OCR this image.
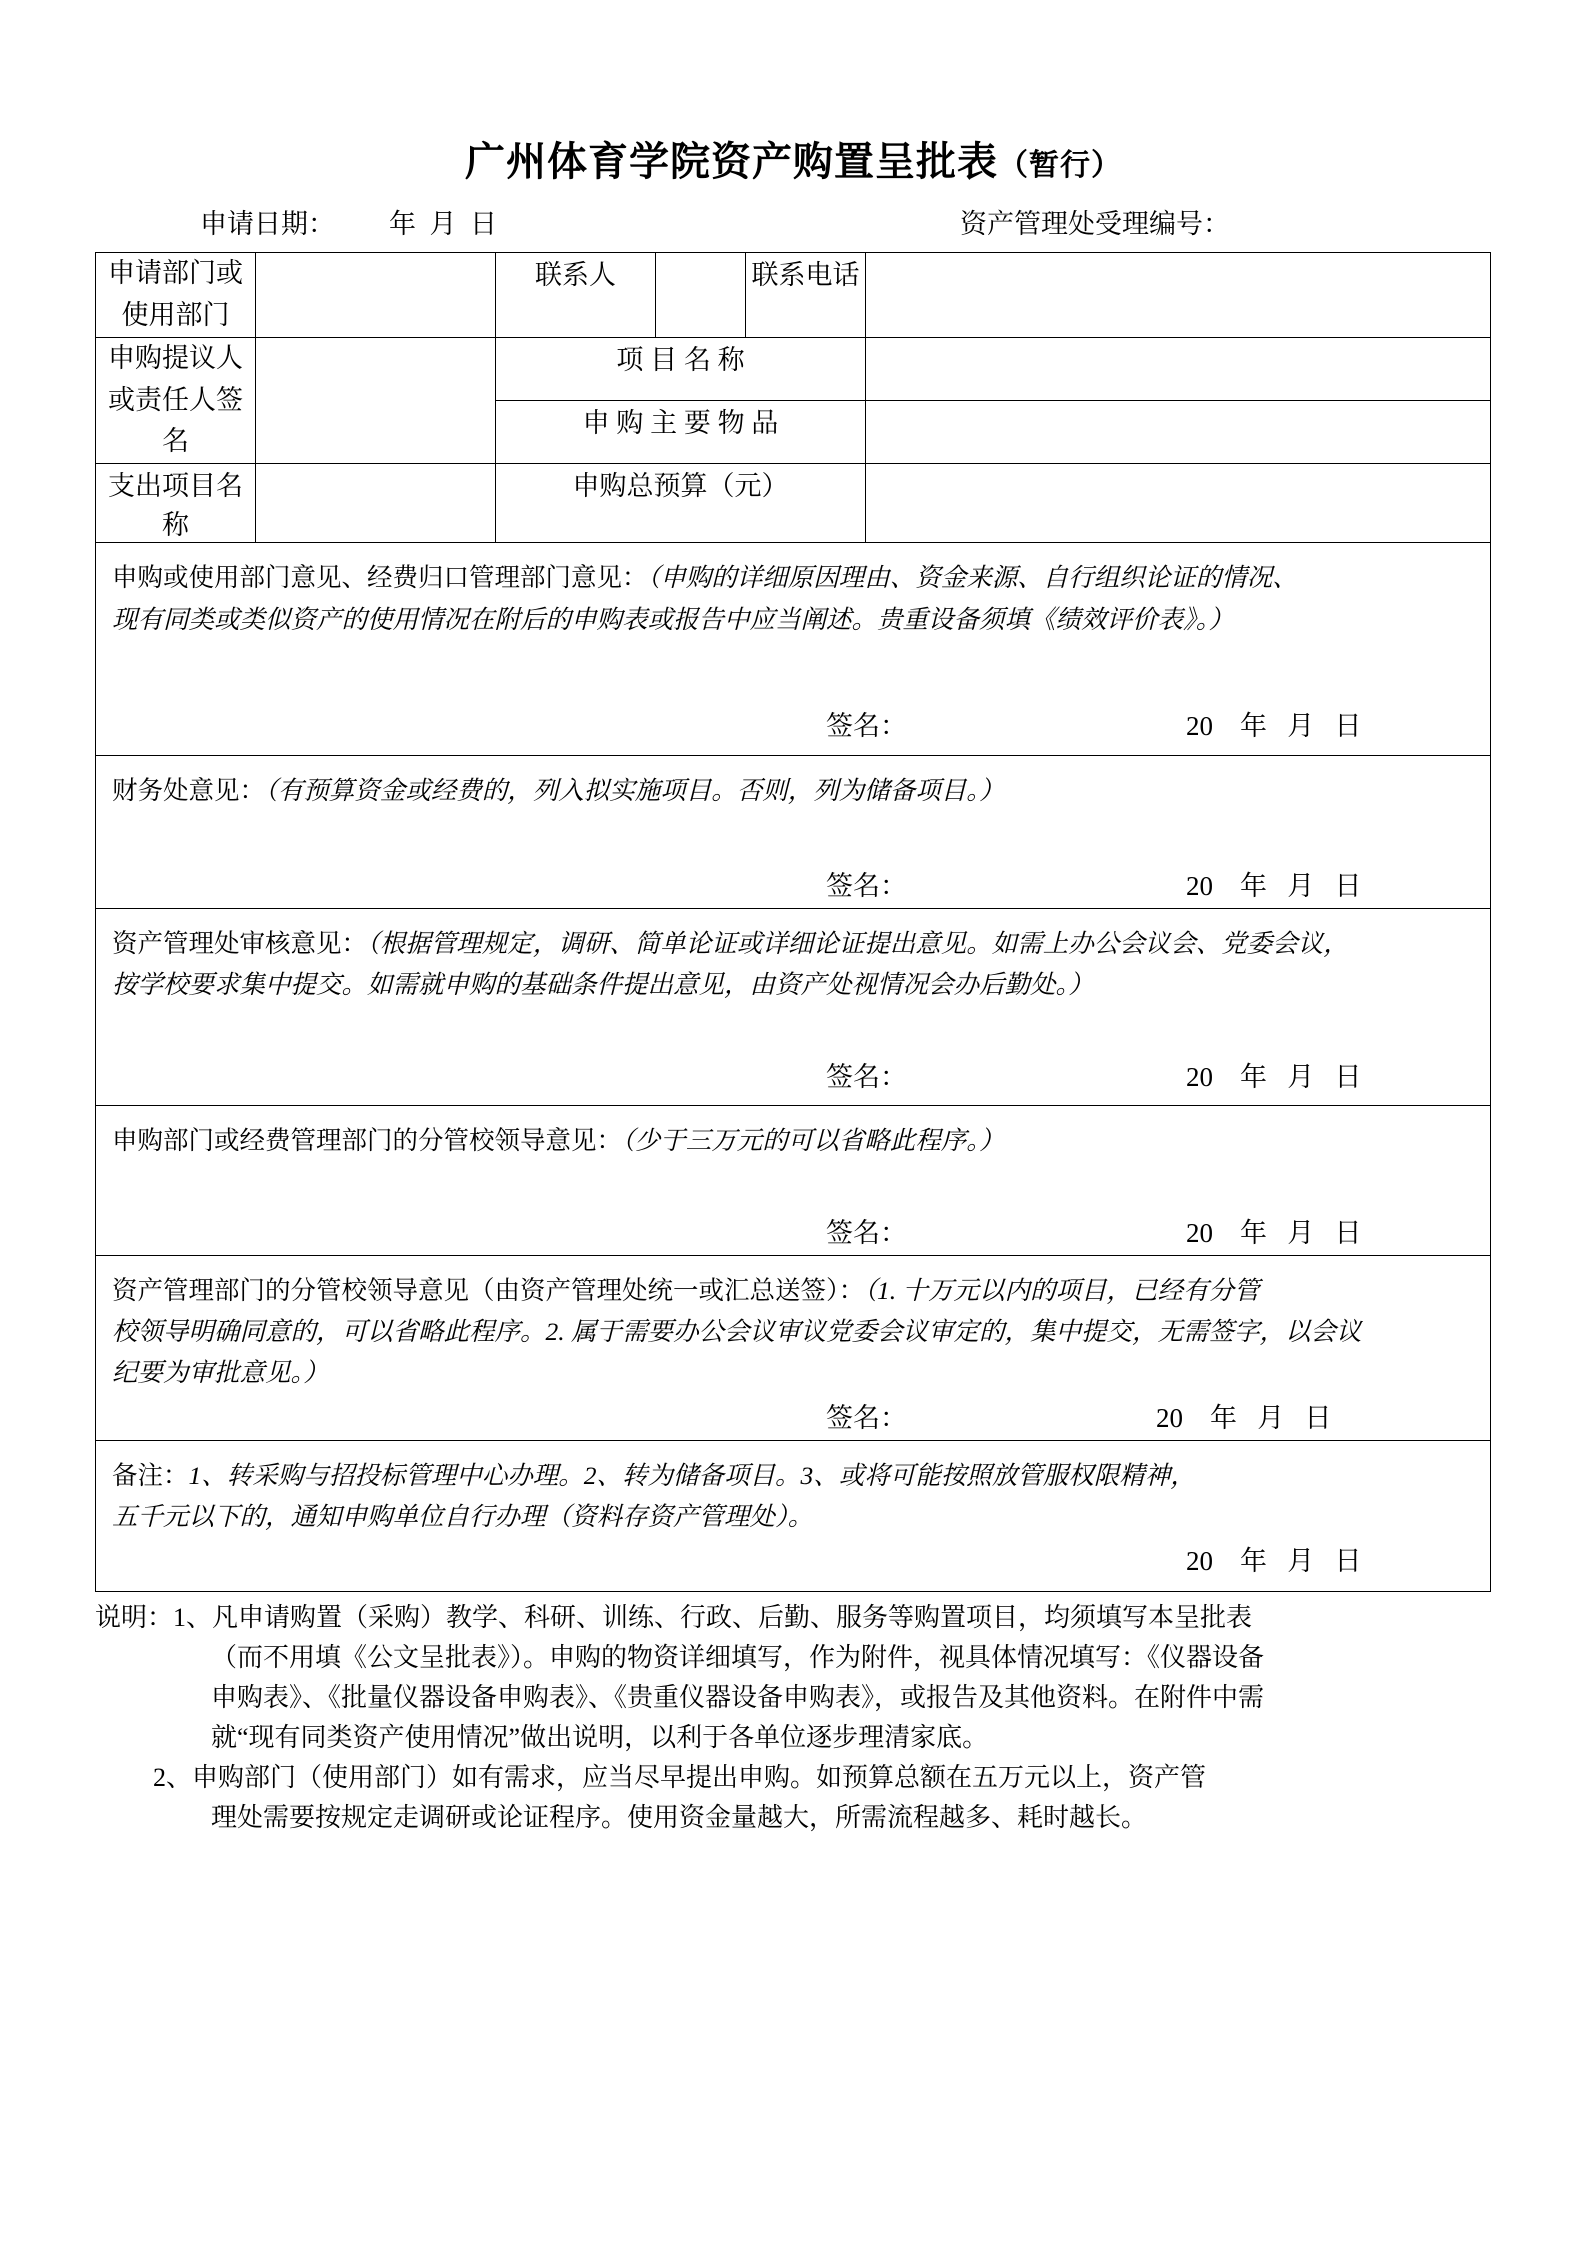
广州体育学院资产购置呈批表（暂行）
申请日期：        年  月  日	资产管理处受理编号：
申请部门或
使用部门		联系人		联系电话	

申购提议人
或责任人签名		项 目 名 称			
		申 购 主 要 物 品			
支出项目名称		申购总预算（元）			

申购或使用部门意见、经费归口管理部门意见：（申购的详细原因理由、资金来源、自行组织论证的情况、
现有同类或类似资产的使用情况在附后的申购表或报告中应当阐述。贵重设备须填《绩效评价表》。）
签名： 20    年   月   日					

财务处意见：（有预算资金或经费的，列入拟实施项目。否则，列为储备项目。）
签名： 20    年   月   日					

资产管理处审核意见：（根据管理规定，调研、简单论证或详细论证提出意见。如需上办公会议会、党委会议，
按学校要求集中提交。如需就申购的基础条件提出意见，由资产处视情况会办后勤处。）
签名： 20    年   月   日					

申购部门或经费管理部门的分管校领导意见：（少于三万元的可以省略此程序。）
签名： 20    年   月   日					

资产管理部门的分管校领导意见（由资产管理处统一或汇总送签）：（1. 十万元以内的项目，已经有分管
校领导明确同意的，可以省略此程序。2. 属于需要办公会议审议党委会议审定的，集中提交，无需签字，以会议
纪要为审批意见。）
签名： 20    年   月   日					

备注：1、转采购与招投标管理中心办理。2、转为储备项目。3、或将可能按照放管服权限精神，
五千元以下的，通知申购单位自行办理（资料存资产管理处）。
20    年   月   日					
说明：1、凡申请购置（采购）教学、科研、训练、行政、后勤、服务等购置项目，均须填写本呈批表
（而不用填《公文呈批表》）。申购的物资详细填写，作为附件，视具体情况填写：《仪器设备
申购表》、《批量仪器设备申购表》、《贵重仪器设备申购表》，或报告及其他资料。在附件中需
就“现有同类资产使用情况”做出说明，以利于各单位逐步理清家底。
2、申购部门（使用部门）如有需求，应当尽早提出申购。如预算总额在五万元以上，资产管
理处需要按规定走调研或论证程序。使用资金量越大，所需流程越多、耗时越长。
